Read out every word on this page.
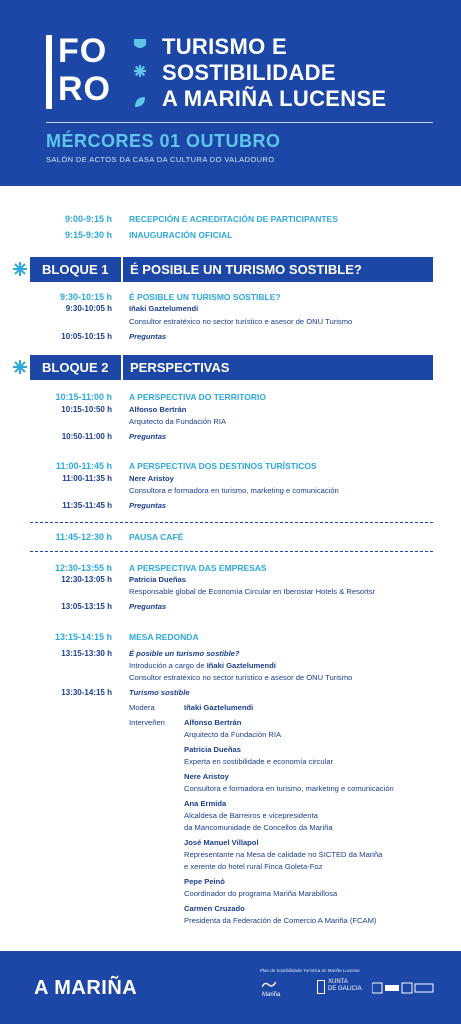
FO
RO
TURISMO E
SOSTIBILIDADE
A MARIÑA LUCENSE
MÉRCORES 01 OUTUBRO
SALÓN DE ACTOS DA CASA DA CULTURA DO VALADOURO
9:00-9:15 h RECEPCIÓN E ACREDITACIÓN DE PARTICIPANTES
9:15-9:30 h INAUGURACIÓN OFICIAL
BLOQUE 1 É POSIBLE UN TURISMO SOSTIBLE?
9:30-10:15 h É POSIBLE UN TURISMO SOSTIBLE?
9:30-10:05 h Iñaki Gaztelumendi
Consultor estratéxico no sector turístico e asesor de ONU Turismo
10:05-10:15 h Preguntas
BLOQUE 2 PERSPECTIVAS
10:15-11:00 h A PERSPECTIVA DO TERRITORIO
10:15-10:50 h Alfonso Bertrán
Arquitecto da Fundación RIA
10:50-11:00 h Preguntas
11:00-11:45 h A PERSPECTIVA DOS DESTINOS TURÍSTICOS
11:00-11:35 h Nere Aristoy
Consultora e formadora en turismo, marketing e comunicación
11:35-11:45 h Preguntas
11:45-12:30 h PAUSA CAFÉ
12:30-13:55 h A PERSPECTIVA DAS EMPRESAS
12:30-13:05 h Patricia Dueñas
Responsable global de Economía Circular en Iberostar Hotels & Resortsr
13:05-13:15 h Preguntas
13:15-14:15 h MESA REDONDA
13:15-13:30 h É posible un turismo sostible?
Introdución a cargo de Iñaki Gaztelumendi
Consultor estratéxico no sector turístico e asesor de ONU Turismo
13:30-14:15 h Turismo sostible
Modera	Iñaki Gaztelumendi
Interveñen	Alfonso Bertrán
Arquitecto da Fundación RIA
Patricia Dueñas
Experta en sostibilidade e economía circular
Nere Aristoy
Consultora e formadora en turismo, marketing e comunicación
Ana Ermida
Alcaldesa de Barreiros e vicepresidenta
da Mancomunidade de Concellos da Mariña
José Manuel Villapol
Representante na Mesa de calidade no SICTED da Mariña
e xerente do hotel rural Finca Goleta-Foz
Pepe Peinó
Coordinador do programa Mariña Marabillosa
Carmen Cruzado
Presidenta da Federación de Comercio A Mariña (FCAM)
A MARIÑA
Plan de Sostibilidade Turística en Mariña Lucense
Mariña
XUNTA
DE GALICIA
